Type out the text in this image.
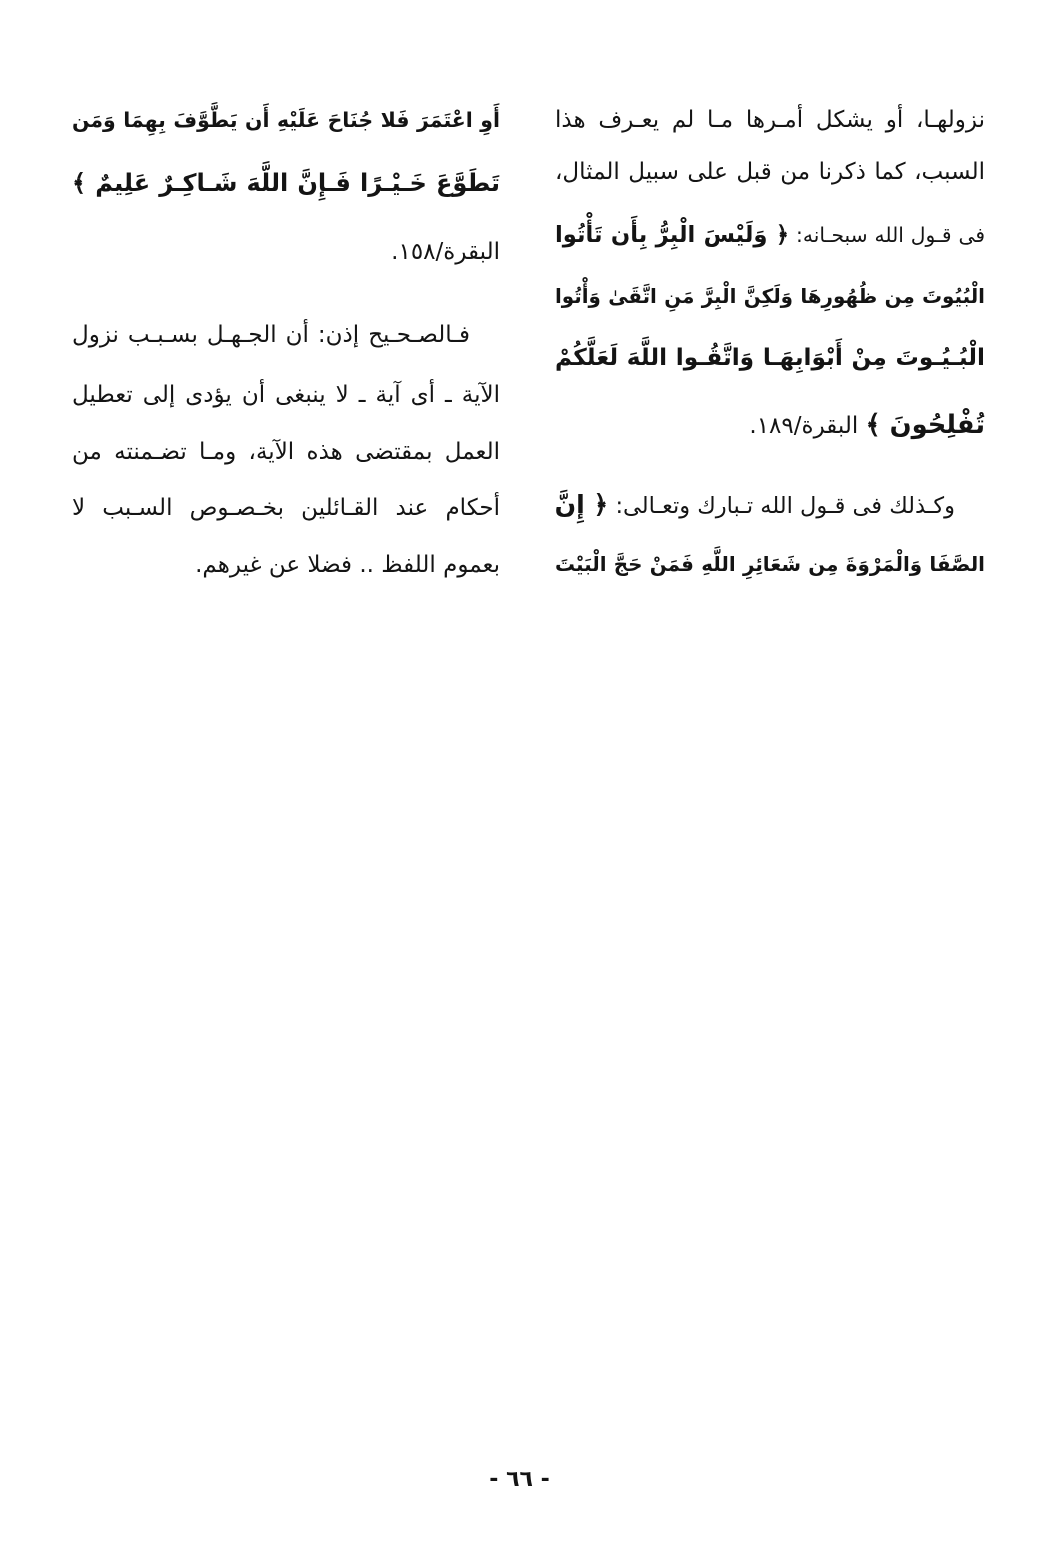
نزولهـا، أو يشكل أمـرها مـا لم يعـرف هذا
السبب، كما ذكرنا من قبل على سبيل المثال،
فى قـول الله سبحـانه: ﴿ وَلَيْسَ الْبِرُّ بِأَن تَأْتُوا
الْبُيُوتَ مِن ظُهُورِهَا وَلَكِنَّ الْبِرَّ مَنِ اتَّقَىٰ وَأْتُوا
الْبُـيُـوتَ مِنْ أَبْوَابِهَـا وَاتَّقُـوا اللَّهَ لَعَلَّكُمْ
تُفْلِحُونَ ﴾ البقرة/١٨٩.
وكـذلك فى قـول الله تـبارك وتعـالى: ﴿ إِنَّ
الصَّفَا وَالْمَرْوَةَ مِن شَعَائِرِ اللَّهِ فَمَنْ حَجَّ الْبَيْتَ
أَوِ اعْتَمَرَ فَلا جُنَاحَ عَلَيْهِ أَن يَطَّوَّفَ بِهِمَا وَمَن
تَطَوَّعَ خَـيْـرًا فَـإِنَّ اللَّهَ شَـاكِـرٌ عَلِيمٌ ﴾
البقرة/١٥٨.
فـالصـحـيح إذن: أن الجـهـل بسـبـب نزول
الآية ـ أى آية ـ لا ينبغى أن يؤدى إلى تعطيل
العمل بمقتضى هذه الآية، ومـا تضـمنته من
أحكام عند القـائلين بخـصـوص السـبب لا
بعموم اللفظ .. فضلا عن غيرهم.
- ٦٦ -
